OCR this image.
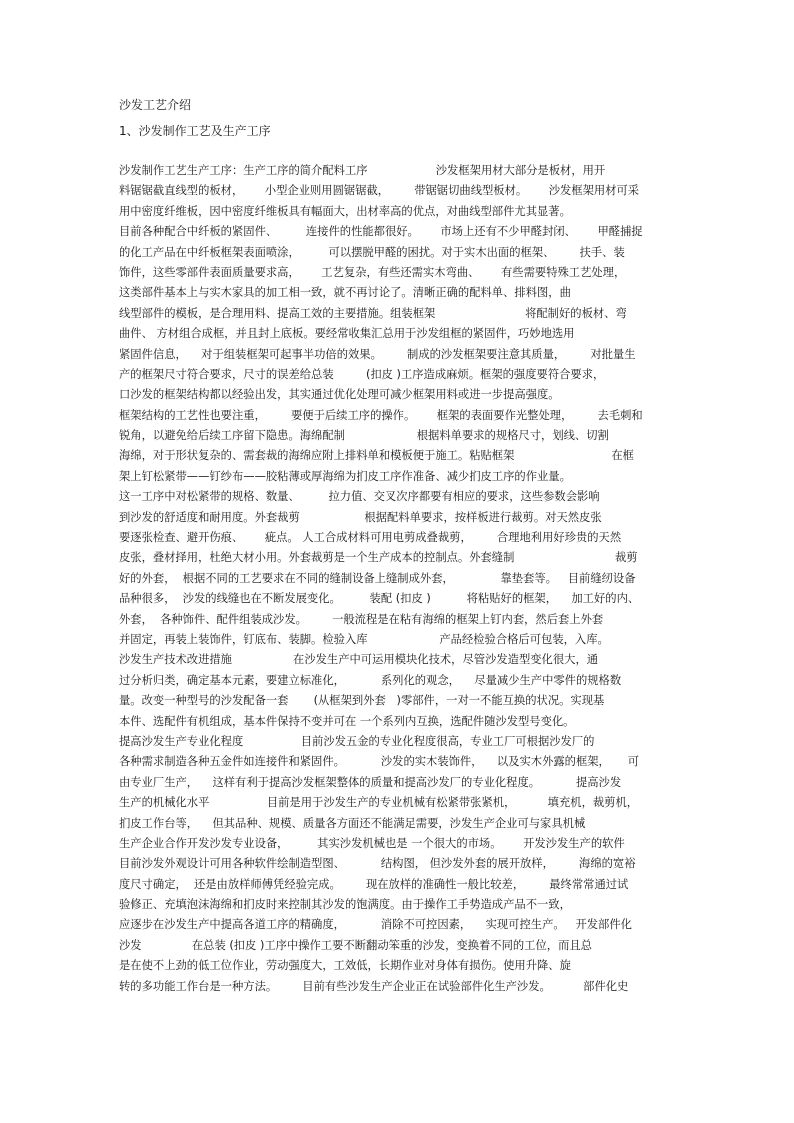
沙发工艺介绍
1、沙发制作工艺及生产工序
沙发制作工艺生产工序：生产工序的简介配料工序                   沙发框架用材大部分是板材，用开
料锯锯截直线型的板材，      小型企业则用圆锯锯截，       带锯锯切曲线型板材。      沙发框架用材可采
用中密度纤维板，因中密度纤维板具有幅面大，出材率高的优点，对曲线型部件尤其显著。
目前各种配合中纤板的紧固件、        连接件的性能都很好。      市场上还有不少甲醛封闭、      甲醛捕捉
的化工产品在中纤板框架表面喷涂，        可以摆脱甲醛的困扰。对于实木出面的框架、       扶手、装
饰件，这些零部件表面质量要求高，      工艺复杂，有些还需实木弯曲、      有些需要特殊工艺处理，
这类部件基本上与实木家具的加工相一致，就不再讨论了。清晰正确的配料单、排料图，曲
线型部件的模板，是合理用料、提高工效的主要措施。组装框架                         将配制好的板材、弯
曲件、 方材组合成框，并且封上底板。要经常收集汇总用于沙发组框的紧固件，巧妙地选用
紧固件信息，    对于组装框架可起事半功倍的效果。       制成的沙发框架要注意其质量，       对批量生
产的框架尺寸符合要求，尺寸的误差给总装         (扣皮 )工序造成麻烦。框架的强度要符合要求，
口沙发的框架结构都以经验出发，其实通过优化处理可减少框架用料或进一步提高强度。
框架结构的工艺性也要注重，       要便于后续工序的操作。      框架的表面要作光整处理，       去毛刺和
锐角，以避免给后续工序留下隐患。海绵配制                    根据料单要求的规格尺寸，划线、切割
海绵，对于形状复杂的、需套裁的海绵应附上排料单和模板便于施工。粘贴框架                           在框
架上钉松紧带——钉纱布——胶粘薄或厚海绵为扪皮工序作准备、减少扪皮工序的作业量。
这一工序中对松紧带的规格、数量、        拉力值、交叉次序都要有相应的要求，这些参数会影响
到沙发的舒适度和耐用度。外套裁剪                  根据配料单要求，按样板进行裁剪。对天然皮张
要逐张检查、避开伤痕、      疵点。 人工合成材料可用电剪成叠裁剪，       合理地利用好珍贵的天然
皮张，叠材择用，杜绝大材小用。外套裁剪是一个生产成本的控制点。外套缝制                            裁剪
好的外套，  根据不同的工艺要求在不同的缝制设备上缝制成外套，             靠垫套等。   目前缝纫设备
品种很多，  沙发的线缝也在不断发展变化。        装配 (扣皮 )          将粘贴好的框架，    加工好的内、
外套，  各种饰件、配件组装成沙发。       一般流程是在粘有海绵的框架上钉内套，然后套上外套
并固定，再装上装饰件，钉底布、装脚。检验入库                    产品经检验合格后可包装，入库。
沙发生产技术改进措施                 在沙发生产中可运用模块化技术，尽管沙发造型变化很大，通
过分析归类，确定基本元素，要建立标准化，          系列化的观念，    尽量减少生产中零件的规格数
量。改变一种型号的沙发配备一套       (从框架到外套   )零部件，一对一不能互换的状况。实现基
本件、选配件有机组成，基本件保持不变并可在 一个系列内互换，选配件随沙发型号变化。
提高沙发生产专业化程度                目前沙发五金的专业化程度很高，专业工厂可根据沙发厂的
各种需求制造各种五金件如连接件和紧固件。          沙发的实木装饰件，    以及实木外露的框架，     可
由专业厂生产，    这样有利于提高沙发框架整体的质量和提高沙发厂的专业化程度。          提高沙发
生产的机械化水平                目前是用于沙发生产的专业机械有松紧带张紧机，         填充机，裁剪机，
扪皮工作台等，    但其品种、规模、质量各方面还不能满足需要，沙发生产企业可与家具机械
生产企业合作开发沙发专业设备，        其实沙发机械也是 一个很大的市场。      开发沙发生产的软件
目前沙发外观设计可用各种软件绘制造型图、          结构图， 但沙发外套的展开放样，       海绵的宽裕
度尺寸确定，  还是由放样师傅凭经验完成。       现在放样的准确性一般比较差，       最终常常通过试
验修正、充填泡沫海绵和扪皮时来控制其沙发的饱满度。由于操作工手势造成产品不一致，
应逐步在沙发生产中提高各道工序的精确度，          消除不可控因素，    实现可控生产。   开发部件化
沙发              在总装 (扣皮 )工序中操作工要不断翻动笨重的沙发，变换着不同的工位，而且总
是在使不上劲的低工位作业，劳动强度大，工效低，长期作业对身体有损伤。使用升降、旋
转的多功能工作台是一种方法。       目前有些沙发生产企业正在试验部件化生产沙发。         部件化史
